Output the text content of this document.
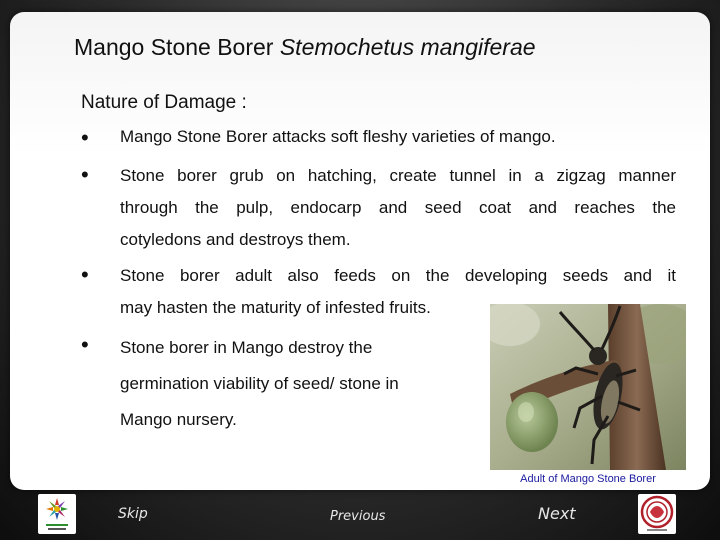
Mango Stone Borer Stemochetus mangiferae
Nature of Damage :
• Mango Stone Borer attacks soft fleshy varieties of mango.
• Stone borer grub on hatching, create tunnel in a zigzag manner
through the pulp, endocarp and seed coat and reaches the
cotyledons and destroys them.
• Stone borer adult also feeds on the developing seeds and it
may hasten the maturity of infested fruits.
• Stone borer in Mango destroy the
germination viability of seed/ stone in
Mango nursery.
Adult of Mango Stone Borer
Skip	Previous	Next
